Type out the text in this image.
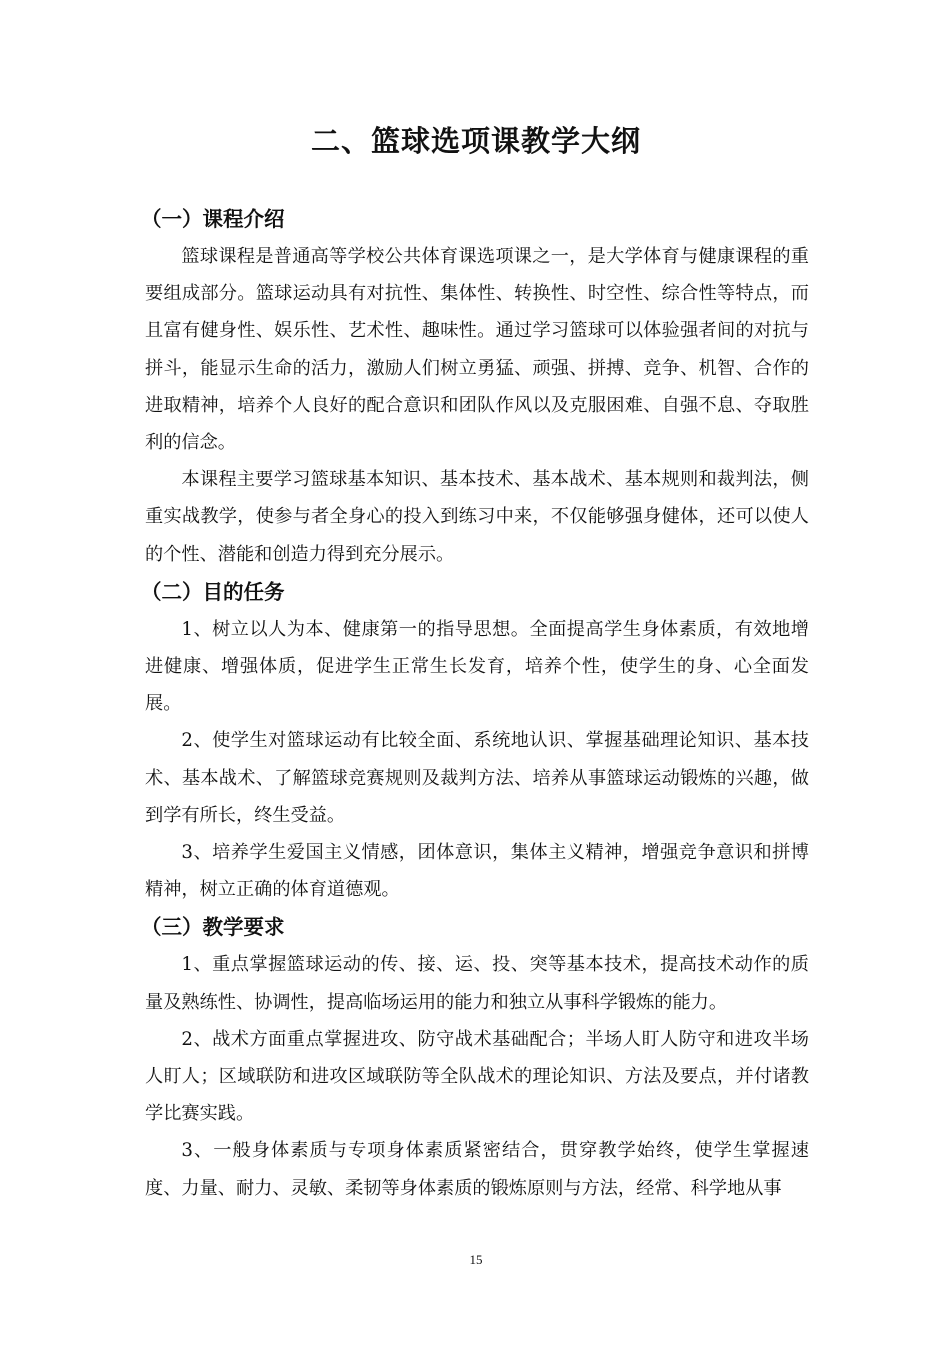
二、篮球选项课教学大纲
（一）课程介绍

篮球课程是普通高等学校公共体育课选项课之一，是大学体育与健康课程的重要组成部分。篮球运动具有对抗性、集体性、转换性、时空性、综合性等特点，而且富有健身性、娱乐性、艺术性、趣味性。通过学习篮球可以体验强者间的对抗与拼斗，能显示生命的活力，激励人们树立勇猛、顽强、拼搏、竞争、机智、合作的进取精神，培养个人良好的配合意识和团队作风以及克服困难、自强不息、夺取胜利的信念。

本课程主要学习篮球基本知识、基本技术、基本战术、基本规则和裁判法，侧重实战教学，使参与者全身心的投入到练习中来，不仅能够强身健体，还可以使人的个性、潜能和创造力得到充分展示。

（二）目的任务

1、树立以人为本、健康第一的指导思想。全面提高学生身体素质，有效地增进健康、增强体质，促进学生正常生长发育，培养个性，使学生的身、心全面发展。

2、使学生对篮球运动有比较全面、系统地认识、掌握基础理论知识、基本技术、基本战术、了解篮球竞赛规则及裁判方法、培养从事篮球运动锻炼的兴趣，做到学有所长，终生受益。

3、培养学生爱国主义情感，团体意识，集体主义精神，增强竞争意识和拼博精神，树立正确的体育道德观。

（三）教学要求

1、重点掌握篮球运动的传、接、运、投、突等基本技术，提高技术动作的质量及熟练性、协调性，提高临场运用的能力和独立从事科学锻炼的能力。

2、战术方面重点掌握进攻、防守战术基础配合；半场人盯人防守和进攻半场人盯人；区域联防和进攻区域联防等全队战术的理论知识、方法及要点，并付诸教学比赛实践。

3、一般身体素质与专项身体素质紧密结合，贯穿教学始终，使学生掌握速度、力量、耐力、灵敏、柔韧等身体素质的锻炼原则与方法，经常、科学地从事

15
